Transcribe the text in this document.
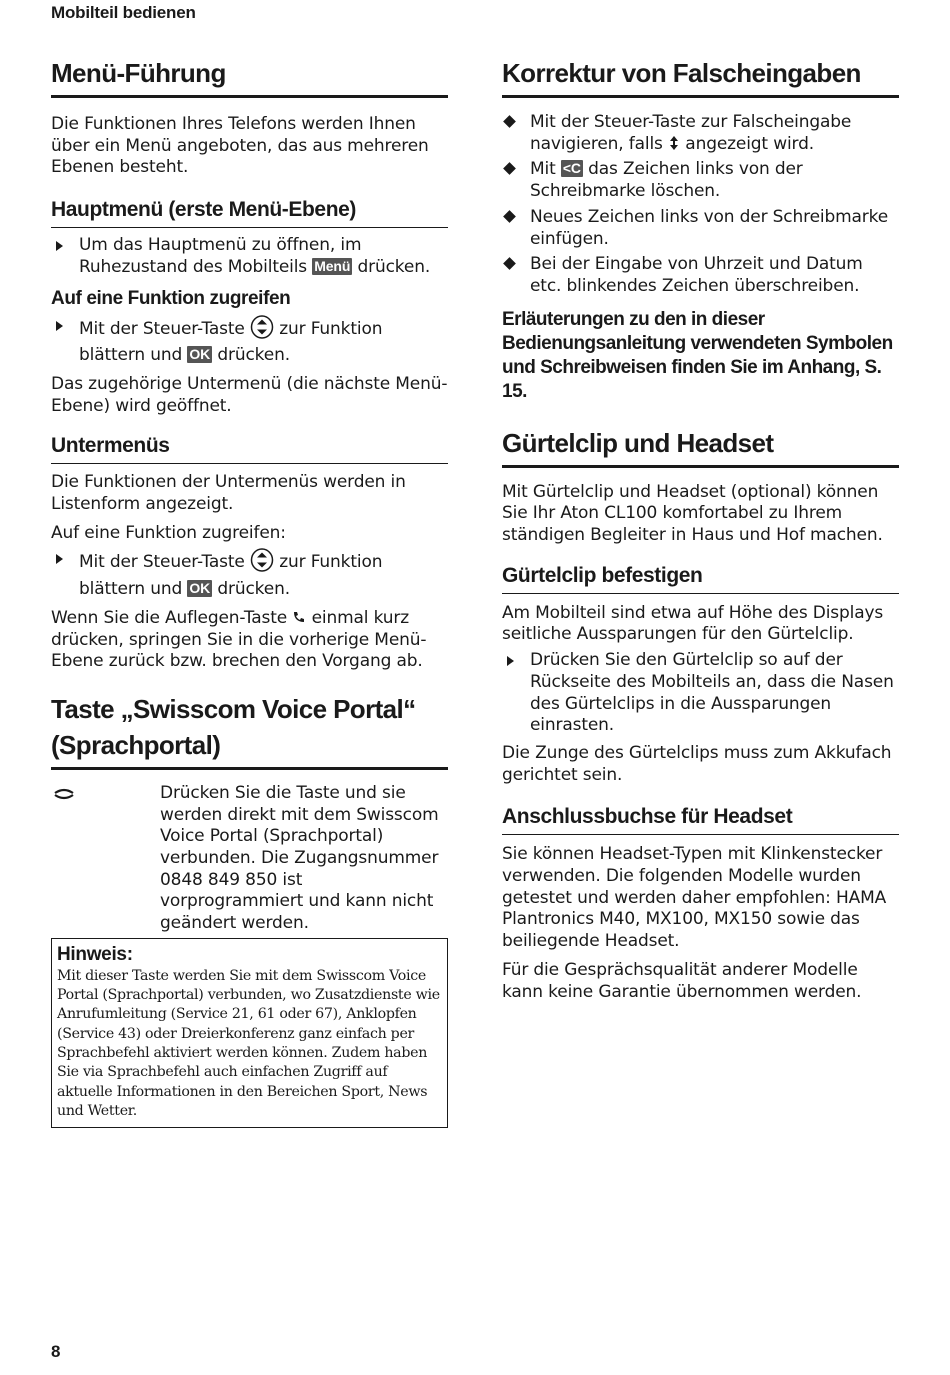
Mobilteil bedienen
Menü-Führung

Die Funktionen Ihres Telefons werden Ihnen über ein Menü angeboten, das aus mehreren Ebenen besteht.

Hauptmenü (erste Menü-Ebene)
Um das Hauptmenü zu öffnen, im Ruhezustand des Mobilteils Menü drücken.
Auf eine Funktion zugreifen
Mit der Steuer-Taste zur Funktion blättern und OK drücken.

Das zugehörige Untermenü (die nächste Menü-Ebene) wird geöffnet.

Untermenüs

Die Funktionen der Untermenüs werden in Listenform angezeigt.

Auf eine Funktion zugreifen:

Mit der Steuer-Taste zur Funktion blättern und OK drücken.

Wenn Sie die Auflegen-Taste einmal kurz drücken, springen Sie in die vorherige Menü-Ebene zurück bzw. brechen den Vorgang ab.

Taste „Swisscom Voice Portal“
(Sprachportal)
Drücken Sie die Taste und sie werden direkt mit dem Swisscom Voice Portal (Sprachportal) verbunden. Die Zugangsnummer 0848 849 850 ist vorprogrammiert und kann nicht geändert werden.
Hinweis:
Mit dieser Taste werden Sie mit dem Swisscom Voice Portal (Sprachportal) verbunden, wo Zusatzdienste wie Anrufumleitung (Service 21, 61 oder 67), Anklopfen (Service 43) oder Dreierkonferenz ganz einfach per Sprachbefehl aktiviert werden können. Zudem haben Sie via Sprachbefehl auch einfachen Zugriff auf aktuelle Informationen in den Bereichen Sport, News und Wetter.
Korrektur von Falscheingaben
Mit der Steuer-Taste zur Falscheingabe navigieren, falls angezeigt wird.
Mit <C das Zeichen links von der Schreibmarke löschen.
Neues Zeichen links von der Schreibmarke einfügen.
Bei der Eingabe von Uhrzeit und Datum etc. blinkendes Zeichen überschreiben.

Erläuterungen zu den in dieser Bedienungsanleitung verwendeten Symbolen und Schreibweisen finden Sie im Anhang, S. 15.

Gürtelclip und Headset

Mit Gürtelclip und Headset (optional) können Sie Ihr Aton CL100 komfortabel zu Ihrem ständigen Begleiter in Haus und Hof machen.

Gürtelclip befestigen

Am Mobilteil sind etwa auf Höhe des Displays seitliche Aussparungen für den Gürtelclip.

Drücken Sie den Gürtelclip so auf der Rückseite des Mobilteils an, dass die Nasen des Gürtelclips in die Aussparungen einrasten.

Die Zunge des Gürtelclips muss zum Akkufach gerichtet sein.

Anschlussbuchse für Headset

Sie können Headset-Typen mit Klinkenstecker verwenden. Die folgenden Modelle wurden getestet und werden daher empfohlen: HAMA Plantronics M40, MX100, MX150 sowie das beiliegende Headset.

Für die Gesprächsqualität anderer Modelle kann keine Garantie übernommen werden.

8
